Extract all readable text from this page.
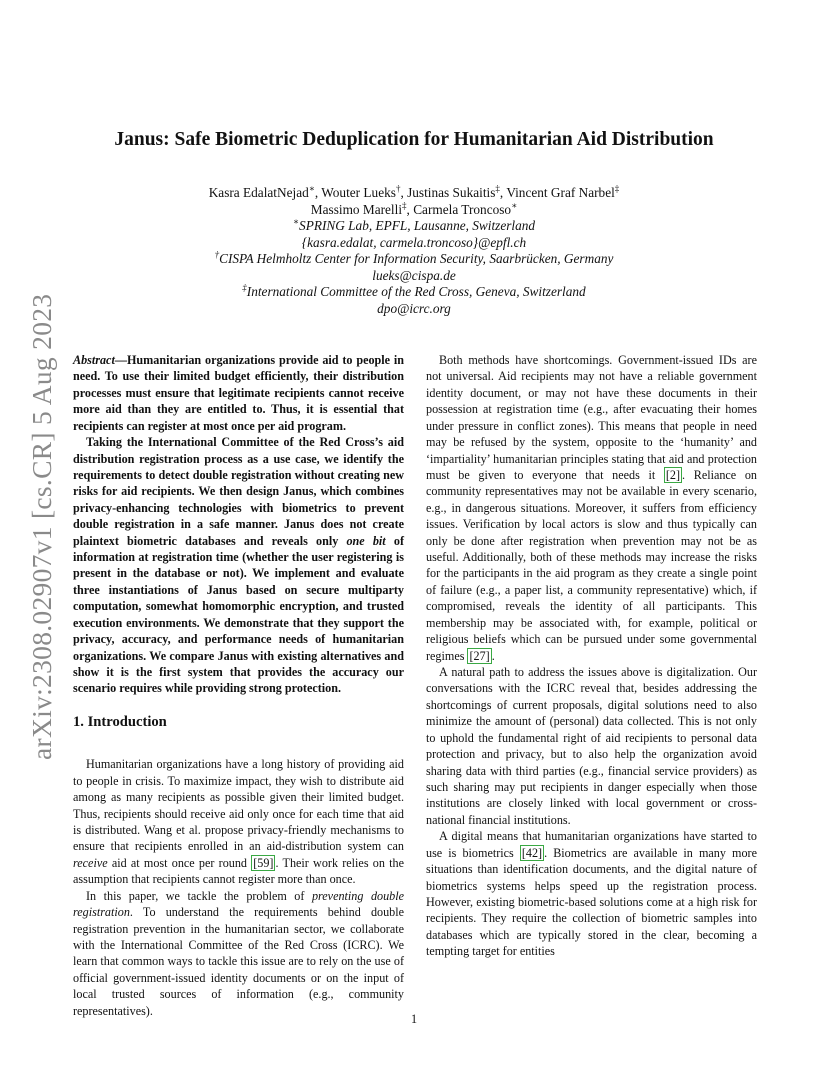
arXiv:2308.02907v1 [cs.CR] 5 Aug 2023
Janus: Safe Biometric Deduplication for Humanitarian Aid Distribution
Kasra EdalatNejad∗, Wouter Lueks†, Justinas Sukaitis‡, Vincent Graf Narbel‡
Massimo Marelli‡, Carmela Troncoso∗
∗SPRING Lab, EPFL, Lausanne, Switzerland
{kasra.edalat, carmela.troncoso}@epfl.ch
†CISPA Helmholtz Center for Information Security, Saarbrücken, Germany
lueks@cispa.de
‡International Committee of the Red Cross, Geneva, Switzerland
dpo@icrc.org

Abstract—Humanitarian organizations provide aid to people in need. To use their limited budget efficiently, their distribution processes must ensure that legitimate recipients cannot receive more aid than they are entitled to. Thus, it is essential that recipients can register at most once per aid program.

Taking the International Committee of the Red Cross’s aid distribution registration process as a use case, we identify the requirements to detect double registration without creating new risks for aid recipients. We then design Janus, which combines privacy-enhancing technologies with biometrics to prevent double registration in a safe manner. Janus does not create plaintext biometric databases and reveals only one bit of information at registration time (whether the user registering is present in the database or not). We implement and evaluate three instantiations of Janus based on secure multiparty computation, somewhat homomorphic encryption, and trusted execution environments. We demonstrate that they support the privacy, accuracy, and performance needs of humanitarian organizations. We compare Janus with existing alternatives and show it is the first system that provides the accuracy our scenario requires while providing strong protection.

1. Introduction

Humanitarian organizations have a long history of providing aid to people in crisis. To maximize impact, they wish to distribute aid among as many recipients as possible given their limited budget. Thus, recipients should receive aid only once for each time that aid is distributed. Wang et al. propose privacy-friendly mechanisms to ensure that recipients enrolled in an aid-distribution system can receive aid at most once per round [59] . Their work relies on the assumption that recipients cannot register more than once.

In this paper, we tackle the problem of preventing double registration. To understand the requirements behind double registration prevention in the humanitarian sector, we collaborate with the International Committee of the Red Cross (ICRC). We learn that common ways to tackle this issue are to rely on the use of official government-issued identity documents or on the input of local trusted sources of information (e.g., community representatives).

Both methods have shortcomings. Government-issued IDs are not universal. Aid recipients may not have a reliable government identity document, or may not have these documents in their possession at registration time (e.g., after evacuating their homes under pressure in conflict zones). This means that people in need may be refused by the system, opposite to the ‘humanity’ and ‘impartiality’ humanitarian principles stating that aid and protection must be given to everyone that needs it [2] . Reliance on community representatives may not be available in every scenario, e.g., in dangerous situations. Moreover, it suffers from efficiency issues. Verification by local actors is slow and thus typically can only be done after registration when prevention may not be as useful. Additionally, both of these methods may increase the risks for the participants in the aid program as they create a single point of failure (e.g., a paper list, a community representative) which, if compromised, reveals the identity of all participants. This membership may be associated with, for example, political or religious beliefs which can be pursued under some governmental regimes [27] .

A natural path to address the issues above is digitalization. Our conversations with the ICRC reveal that, besides addressing the shortcomings of current proposals, digital solutions need to also minimize the amount of (personal) data collected. This is not only to uphold the fundamental right of aid recipients to personal data protection and privacy, but to also help the organization avoid sharing data with third parties (e.g., financial service providers) as such sharing may put recipients in danger especially when those institutions are closely linked with local government or cross-national financial institutions.

A digital means that humanitarian organizations have started to use is biometrics [42] . Biometrics are available in many more situations than identification documents, and the digital nature of biometrics systems helps speed up the registration process. However, existing biometric-based solutions come at a high risk for recipients. They require the collection of biometric samples into databases which are typically stored in the clear, becoming a tempting target for entities

1
